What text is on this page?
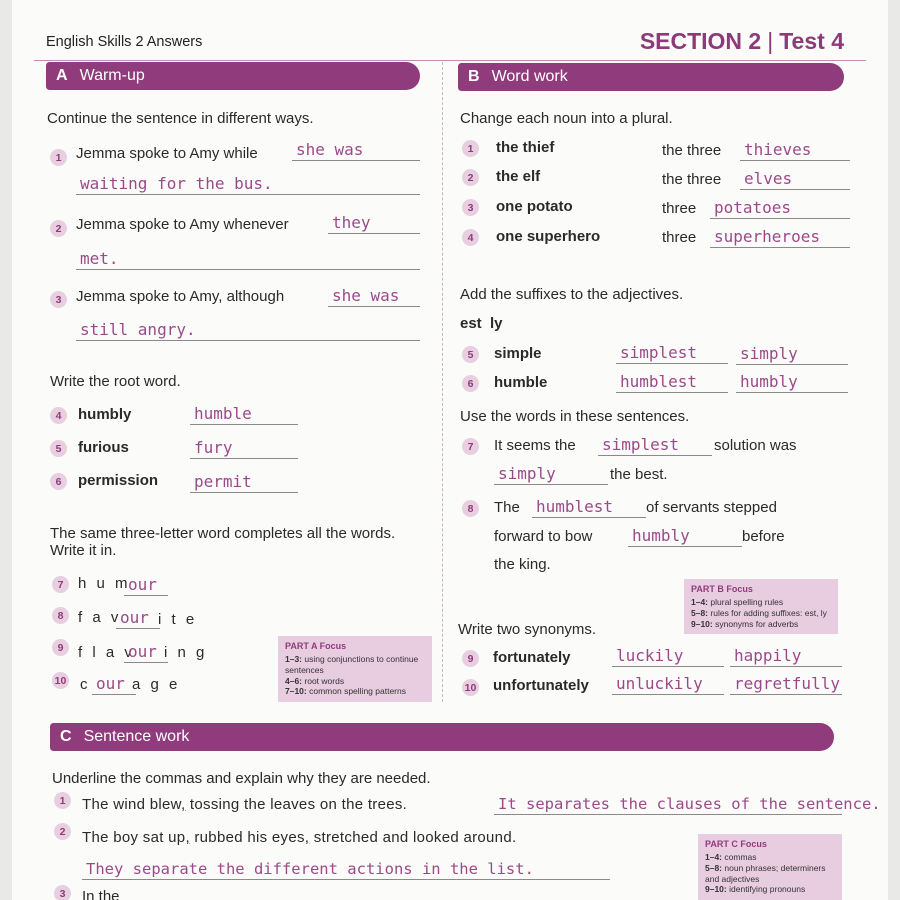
English Skills 2 Answers	SECTION 2 | Test 4
A Warm-up
Continue the sentence in different ways.
1 Jemma spoke to Amy while she was
waiting for the bus.
2 Jemma spoke to Amy whenever	they
met.
3 Jemma spoke to Amy, although	she was
still angry.
Write the root word.
4	humbly	humble
5	furious	fury
6	permission permit
The same three-letter word completes all the words.
Write it in.
7 h u m
our
8 f a v
our i t e
9 f l a v
our i n g
10 c our a g e
PART A Focus
1–3: using conjunctions to continue sentences
4–6: root words
7–10: common spelling patterns
B Word work
Change each noun into a plural.
1	the thief	the three thieves
2	the elf	the three elves
3	one potato	three potatoes
4	one superhero	three superheroes
Add the suffixes to the adjectives.
est  ly
5	simple	simplest	simply
6	humble	humblest	humbly
Use the words in these sentences.
7	It seems the simplest	solution was
simply	the best.
8	The humblest	of servants stepped
forward to bow humbly	before
the king.
PART B Focus
1–4: plural spelling rules
5–8: rules for adding suffixes: est, ly
9–10: synonyms for adverbs
Write two synonyms.
9	fortunately	luckily	happily
10 unfortunately unluckily	regretfully
C Sentence work
Underline the commas and explain why they are needed.
1	The wind blew, tossing the leaves on the trees.	It separates the clauses of the sentence.
2	The boy sat up, rubbed his eyes, stretched and looked around.
They separate the different actions in the list.
3	In the
PART C Focus
1–4: commas
5–8: noun phrases; determiners and adjectives
9–10: identifying pronouns
